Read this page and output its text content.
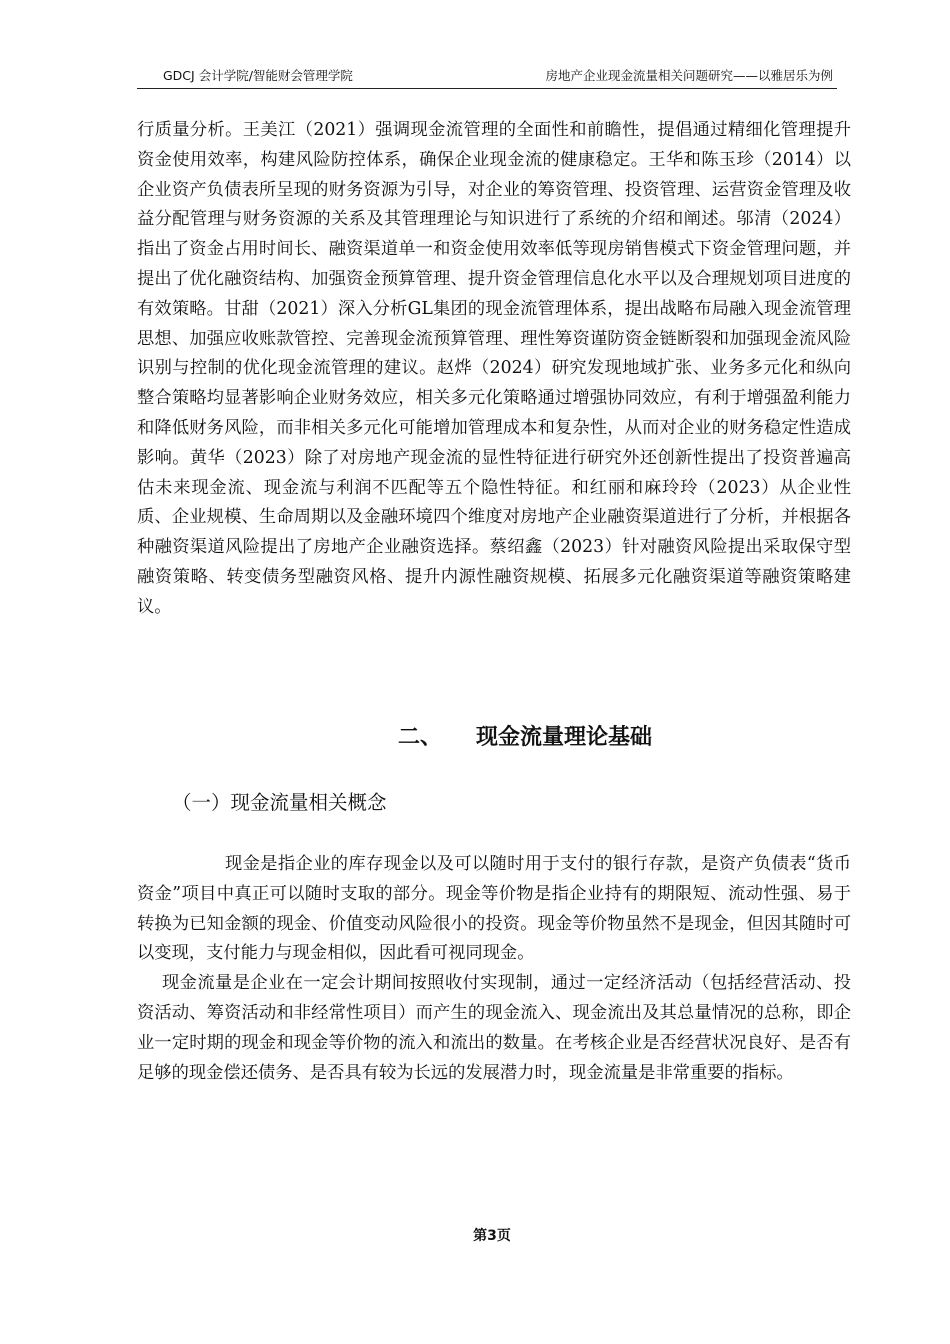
GDCJ 会计学院/智能财会管理学院	房地产企业现金流量相关问题研究——以雅居乐为例

行质量分析。王美江（2021）强调现金流管理的全面性和前瞻性，提倡通过精细化管理提升资金使用效率，构建风险防控体系，确保企业现金流的健康稳定。王华和陈玉珍（2014）以企业资产负债表所呈现的财务资源为引导，对企业的筹资管理、投资管理、运营资金管理及收益分配管理与财务资源的关系及其管理理论与知识进行了系统的介绍和阐述。邬清（2024）指出了资金占用时间长、融资渠道单一和资金使用效率低等现房销售模式下资金管理问题，并提出了优化融资结构、加强资金预算管理、提升资金管理信息化水平以及合理规划项目进度的有效策略。甘甜（2021）深入分析GL集团的现金流管理体系，提出战略布局融入现金流管理思想、加强应收账款管控、完善现金流预算管理、理性筹资谨防资金链断裂和加强现金流风险识别与控制的优化现金流管理的建议。赵烨（2024）研究发现地域扩张、业务多元化和纵向整合策略均显著影响企业财务效应，相关多元化策略通过增强协同效应，有利于增强盈利能力和降低财务风险，而非相关多元化可能增加管理成本和复杂性，从而对企业的财务稳定性造成影响。黄华（2023）除了对房地产现金流的显性特征进行研究外还创新性提出了投资普遍高估未来现金流、现金流与利润不匹配等五个隐性特征。和红丽和麻玲玲（2023）从企业性质、企业规模、生命周期以及金融环境四个维度对房地产企业融资渠道进行了分析，并根据各种融资渠道风险提出了房地产企业融资选择。蔡绍鑫（2023）针对融资风险提出采取保守型融资策略、转变债务型融资风格、提升内源性融资规模、拓展多元化融资渠道等融资策略建议。

二、 现金流量理论基础
（一）现金流量相关概念

现金是指企业的库存现金以及可以随时用于支付的银行存款，是资产负债表“货币资金”项目中真正可以随时支取的部分。现金等价物是指企业持有的期限短、流动性强、易于转换为已知金额的现金、价值变动风险很小的投资。现金等价物虽然不是现金，但因其随时可以变现，支付能力与现金相似，因此看可视同现金。

现金流量是企业在一定会计期间按照收付实现制，通过一定经济活动（包括经营活动、投资活动、筹资活动和非经常性项目）而产生的现金流入、现金流出及其总量情况的总称，即企业一定时期的现金和现金等价物的流入和流出的数量。在考核企业是否经营状况良好、是否有足够的现金偿还债务、是否具有较为长远的发展潜力时，现金流量是非常重要的指标。

第3页
